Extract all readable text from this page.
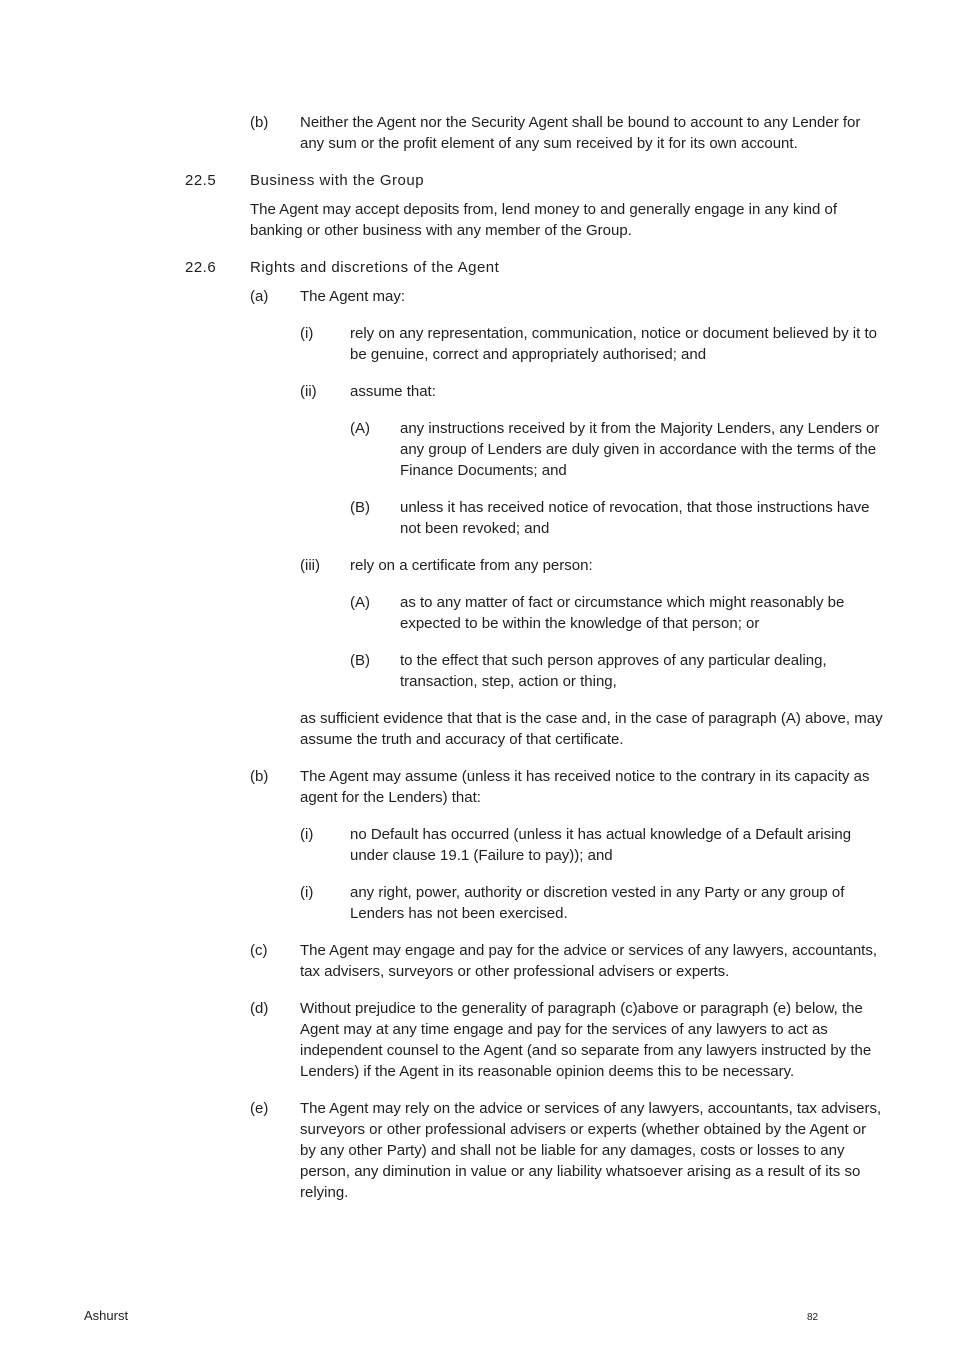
(b)	Neither the Agent nor the Security Agent shall be bound to account to any Lender for any sum or the profit element of any sum received by it for its own account.
22.5	Business with the Group
The Agent may accept deposits from, lend money to and generally engage in any kind of banking or other business with any member of the Group.
22.6	Rights and discretions of the Agent
(a)	The Agent may:
(i)	rely on any representation, communication, notice or document believed by it to be genuine, correct and appropriately authorised; and
(ii)	assume that:
(A)	any instructions received by it from the Majority Lenders, any Lenders or any group of Lenders are duly given in accordance with the terms of the Finance Documents; and
(B)	unless it has received notice of revocation, that those instructions have not been revoked; and
(iii)	rely on a certificate from any person:
(A)	as to any matter of fact or circumstance which might reasonably be expected to be within the knowledge of that person; or
(B)	to the effect that such person approves of any particular dealing, transaction, step, action or thing,
as sufficient evidence that that is the case and, in the case of paragraph (A) above, may assume the truth and accuracy of that certificate.
(b)	The Agent may assume (unless it has received notice to the contrary in its capacity as agent for the Lenders) that:
(i)	no Default has occurred (unless it has actual knowledge of a Default arising under clause 19.1 (Failure to pay)); and
(i)	any right, power, authority or discretion vested in any Party or any group of Lenders has not been exercised.
(c)	The Agent may engage and pay for the advice or services of any lawyers, accountants, tax advisers, surveyors or other professional advisers or experts.
(d)	Without prejudice to the generality of paragraph (c)above or paragraph (e) below, the Agent may at any time engage and pay for the services of any lawyers to act as independent counsel to the Agent (and so separate from any lawyers instructed by the Lenders) if the Agent in its reasonable opinion deems this to be necessary.
(e)	The Agent may rely on the advice or services of any lawyers, accountants, tax advisers, surveyors or other professional advisers or experts (whether obtained by the Agent or by any other Party) and shall not be liable for any damages, costs or losses to any person, any diminution in value or any liability whatsoever arising as a result of its so relying.
Ashurst	82
